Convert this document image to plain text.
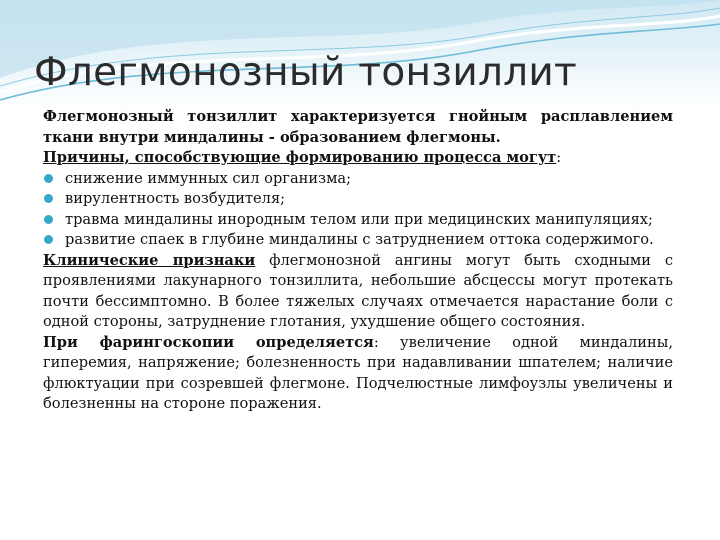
Флегмонозный тонзиллит

Флегмонозный тонзиллит характеризуется гнойным расплавлением ткани внутри миндалины - образованием флегмоны.

Причины, способствующие формированию процесса могут:

снижение иммунных сил организма;
вирулентность возбудителя;
травма миндалины инородным телом или при медицинских манипуляциях;
развитие спаек в глубине миндалины с затруднением оттока содержимого.

Клинические признаки флегмонозной ангины могут быть сходными с проявлениями лакунарного тонзиллита, небольшие абсцессы могут протекать почти бессимптомно. В более тяжелых случаях отмечается нарастание боли с одной стороны, затруднение глотания, ухудшение общего состояния.

При фарингоскопии определяется: увеличение одной миндалины, гиперемия, напряжение; болезненность при надавливании шпателем; наличие флюктуации при созревшей флегмоне. Подчелюстные лимфоузлы увеличены и болезненны на стороне поражения.
